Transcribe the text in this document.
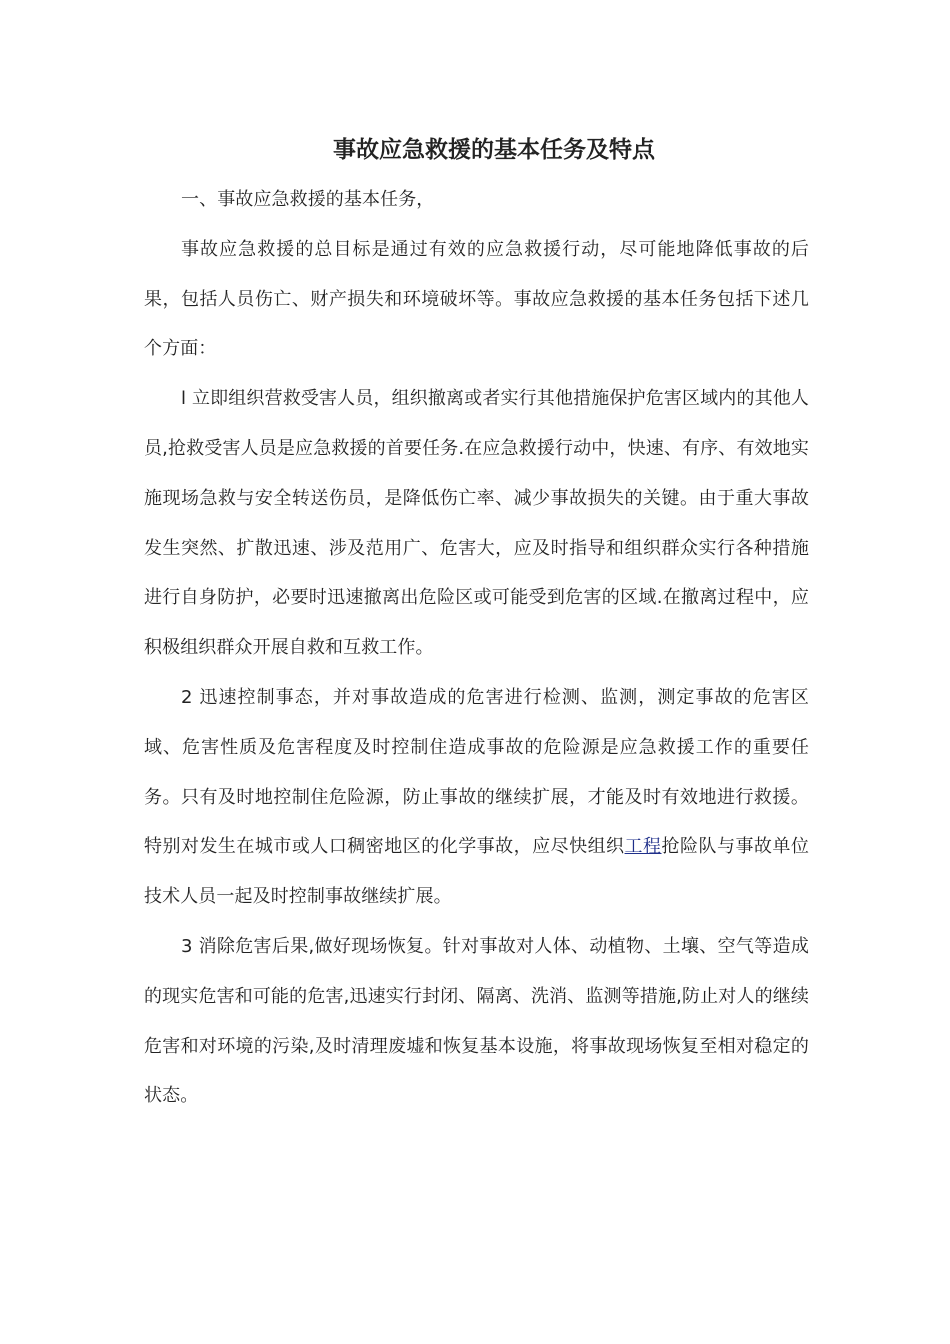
事故应急救援的基本任务及特点

一、事故应急救援的基本任务，

事故应急救援的总目标是通过有效的应急救援行动，尽可能地降低事故的后果，包括人员伤亡、财产损失和环境破坏等。事故应急救援的基本任务包括下述几个方面：

l 立即组织营救受害人员，组织撤离或者实行其他措施保护危害区域内的其他人员,抢救受害人员是应急救援的首要任务.在应急救援行动中，快速、有序、有效地实施现场急救与安全转送伤员，是降低伤亡率、减少事故损失的关键。由于重大事故发生突然、扩散迅速、涉及范用广、危害大，应及时指导和组织群众实行各种措施进行自身防护，必要时迅速撤离出危险区或可能受到危害的区域.在撤离过程中，应积极组织群众开展自救和互救工作。

2 迅速控制事态，并对事故造成的危害进行检测、监测，测定事故的危害区域、危害性质及危害程度及时控制住造成事故的危险源是应急救援工作的重要任务。只有及时地控制住危险源，防止事故的继续扩展，才能及时有效地进行救援。特别对发生在城市或人口稠密地区的化学事故，应尽快组织工程抢险队与事故单位技术人员一起及时控制事故继续扩展。

3 消除危害后果,做好现场恢复。针对事故对人体、动植物、土壤、空气等造成的现实危害和可能的危害,迅速实行封闭、隔离、洗消、监测等措施,防止对人的继续危害和对环境的污染,及时清理废墟和恢复基本设施，将事故现场恢复至相对稳定的状态。
